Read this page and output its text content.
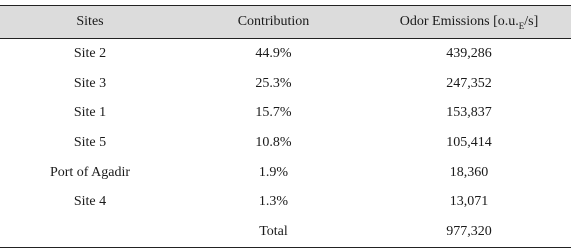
Sites	Contribution	Odor Emissions $[o.u._E/s]$
Site 2	44.9%	439,286
Site 3	25.3%	247,352
Site 1	15.7%	153,837
Site 5	10.8%	105,414
Port of Agadir	1.9%	18,360
Site 4	1.3%	13,071
	Total	977,320
